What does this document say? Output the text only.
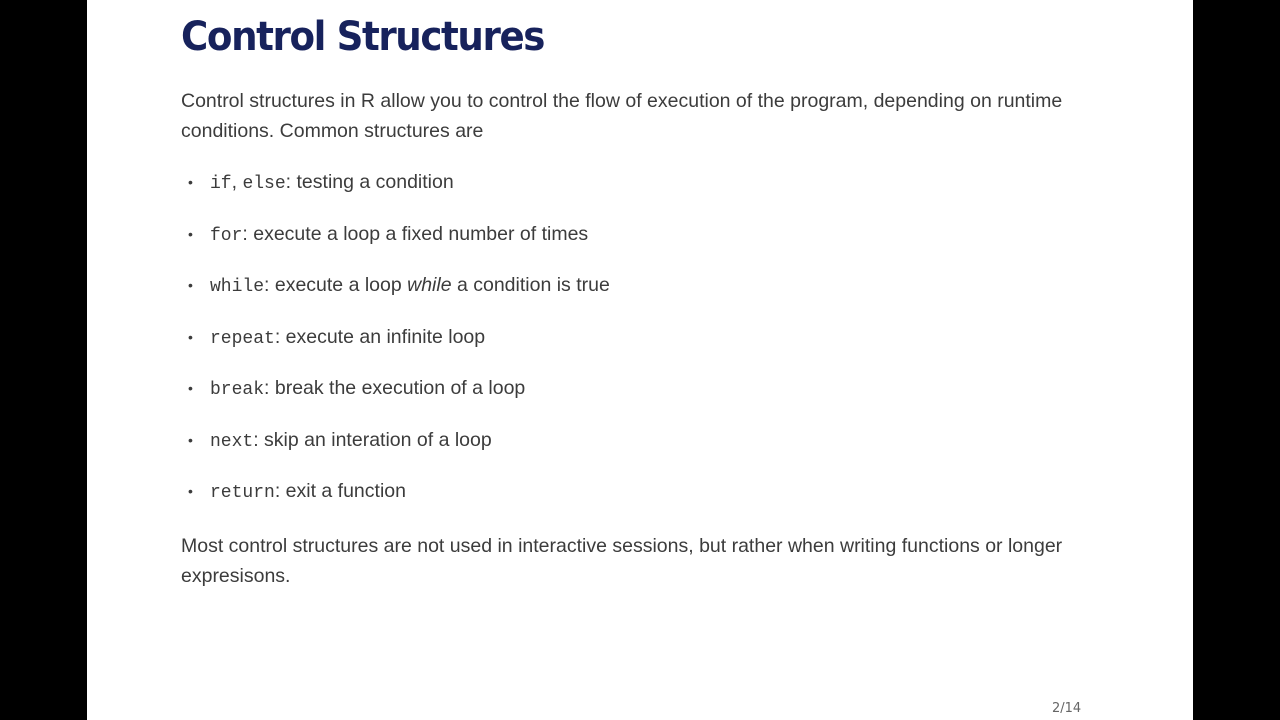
Control Structures

Control structures in R allow you to control the flow of execution of the program, depending on runtime conditions. Common structures are

• if, else: testing a condition
• for: execute a loop a fixed number of times
• while: execute a loop while a condition is true
• repeat: execute an infinite loop
• break: break the execution of a loop
• next: skip an interation of a loop
• return: exit a function

Most control structures are not used in interactive sessions, but rather when writing functions or longer expresisons.

2/14
